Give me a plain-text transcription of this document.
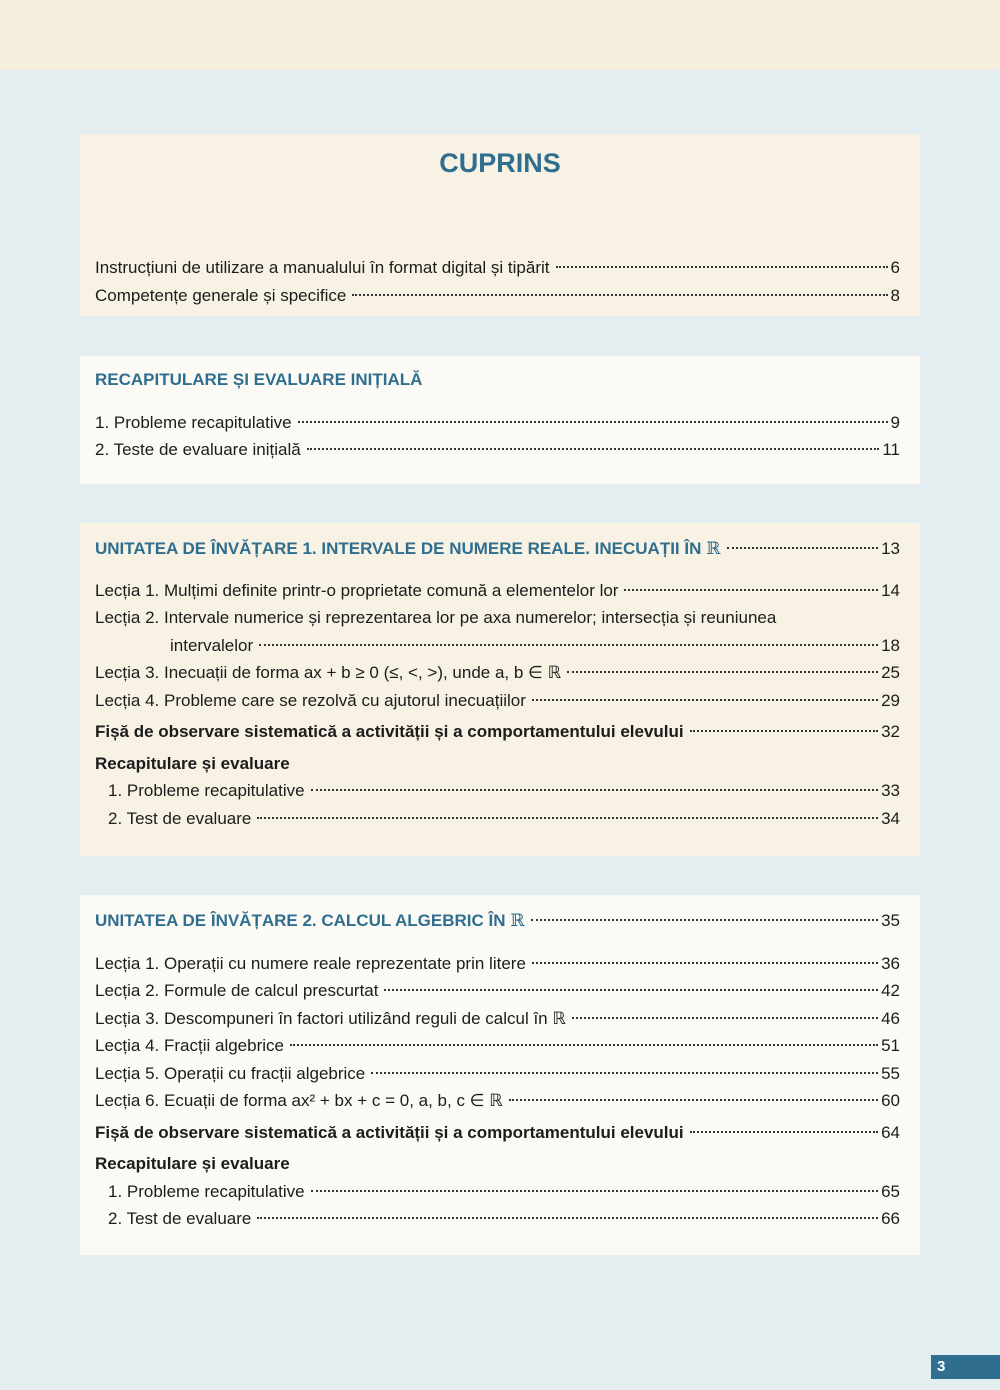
CUPRINS
Instrucțiuni de utilizare a manualului în format digital și tipărit	6
Competențe generale și specifice	8
RECAPITULARE ȘI EVALUARE INIȚIALĂ
1. Probleme recapitulative	9
2. Teste de evaluare inițială	11
UNITATEA DE ÎNVĂȚARE 1. INTERVALE DE NUMERE REALE. INECUAȚII ÎN ℝ	13
Lecția 1. Mulțimi definite printr-o proprietate comună a elementelor lor	14
Lecția 2. Intervale numerice și reprezentarea lor pe axa numerelor; intersecția și reuniunea
intervalelor	18
Lecția 3. Inecuații de forma ax + b ≥ 0 (≤, <, >), unde a, b ∈ ℝ	25
Lecția 4. Probleme care se rezolvă cu ajutorul inecuațiilor	29
Fișă de observare sistematică a activității și a comportamentului elevului	32
Recapitulare și evaluare
1. Probleme recapitulative	33
2. Test de evaluare	34
UNITATEA DE ÎNVĂȚARE 2. CALCUL ALGEBRIC ÎN ℝ	35
Lecția 1. Operații cu numere reale reprezentate prin litere	36
Lecția 2. Formule de calcul prescurtat	42
Lecția 3. Descompuneri în factori utilizând reguli de calcul în ℝ	46
Lecția 4. Fracții algebrice	51
Lecția 5. Operații cu fracții algebrice	55
Lecția 6. Ecuații de forma ax² + bx + c = 0, a, b, c ∈ ℝ	60
Fișă de observare sistematică a activității și a comportamentului elevului	64
Recapitulare și evaluare
1. Probleme recapitulative	65
2. Test de evaluare	66
3
